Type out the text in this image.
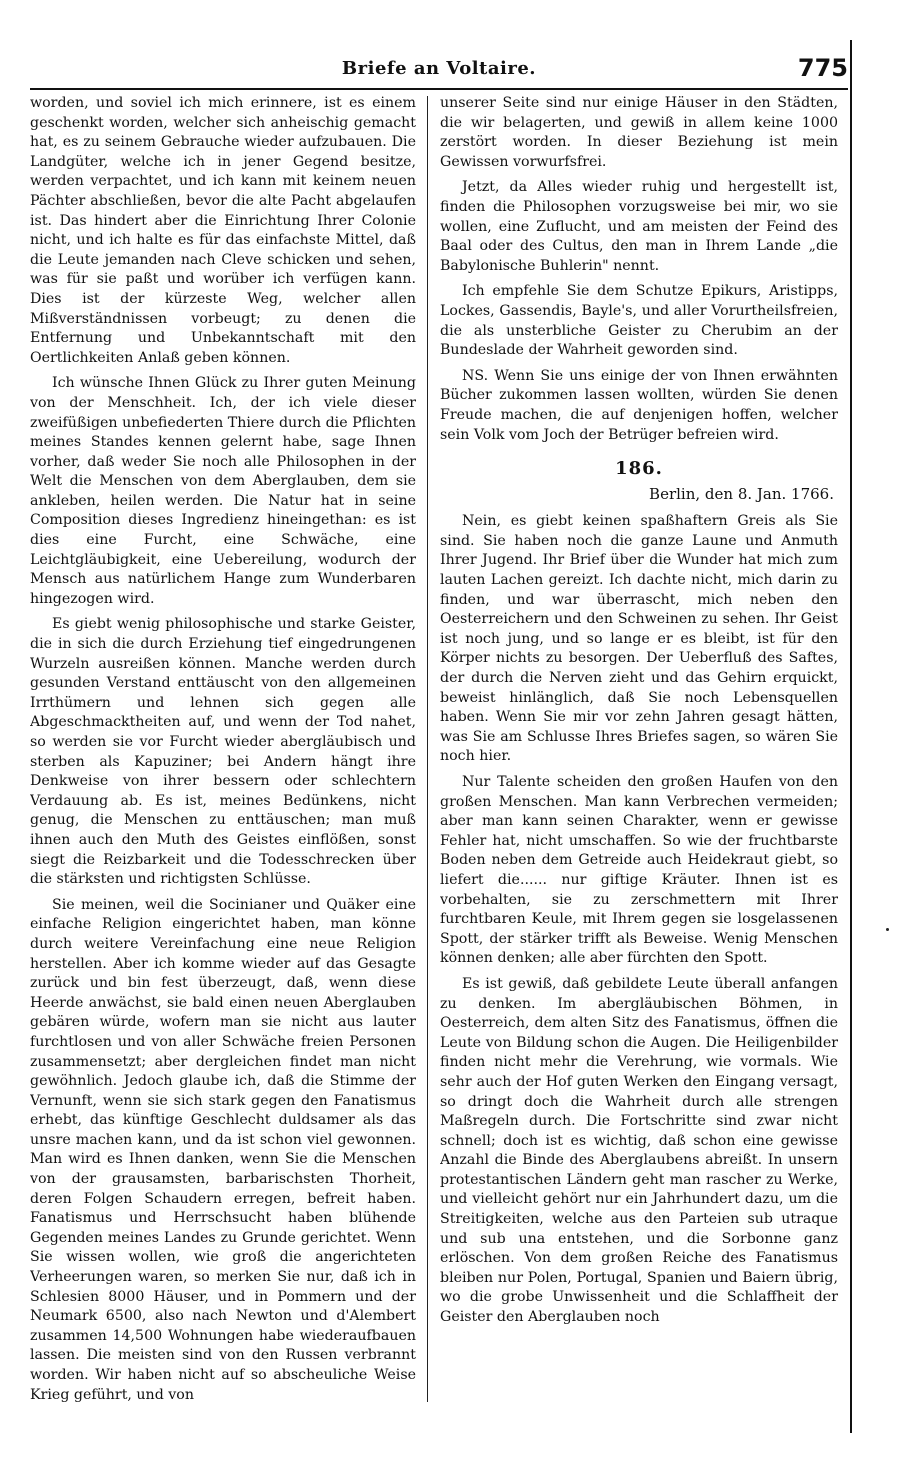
Briefe an Voltaire.	775

worden, und soviel ich mich erinnere, ist es einem geschenkt worden, welcher sich anheischig gemacht hat, es zu seinem Gebrauche wieder aufzubauen. Die Landgüter, welche ich in jener Gegend besitze, werden verpachtet, und ich kann mit keinem neuen Pächter abschließen, bevor die alte Pacht abgelaufen ist. Das hindert aber die Einrichtung Ihrer Colonie nicht, und ich halte es für das einfachste Mittel, daß die Leute jemanden nach Cleve schicken und sehen, was für sie paßt und worüber ich verfügen kann. Dies ist der kürzeste Weg, welcher allen Mißverständnissen vorbeugt; zu denen die Entfernung und Unbekanntschaft mit den Oertlichkeiten Anlaß geben können.

Ich wünsche Ihnen Glück zu Ihrer guten Meinung von der Menschheit. Ich, der ich viele dieser zweifüßigen unbefiederten Thiere durch die Pflichten meines Standes kennen gelernt habe, sage Ihnen vorher, daß weder Sie noch alle Philosophen in der Welt die Menschen von dem Aberglauben, dem sie ankleben, heilen werden. Die Natur hat in seine Composition dieses Ingredienz hineingethan: es ist dies eine Furcht, eine Schwäche, eine Leichtgläubigkeit, eine Uebereilung, wodurch der Mensch aus natürlichem Hange zum Wunderbaren hingezogen wird.

Es giebt wenig philosophische und starke Geister, die in sich die durch Erziehung tief eingedrungenen Wurzeln ausreißen können. Manche werden durch gesunden Verstand enttäuscht von den allgemeinen Irrthümern und lehnen sich gegen alle Abgeschmacktheiten auf, und wenn der Tod nahet, so werden sie vor Furcht wieder abergläubisch und sterben als Kapuziner; bei Andern hängt ihre Denkweise von ihrer bessern oder schlechtern Verdauung ab. Es ist, meines Bedünkens, nicht genug, die Menschen zu enttäuschen; man muß ihnen auch den Muth des Geistes einflößen, sonst siegt die Reizbarkeit und die Todesschrecken über die stärksten und richtigsten Schlüsse.

Sie meinen, weil die Socinianer und Quäker eine einfache Religion eingerichtet haben, man könne durch weitere Vereinfachung eine neue Religion herstellen. Aber ich komme wieder auf das Gesagte zurück und bin fest überzeugt, daß, wenn diese Heerde anwächst, sie bald einen neuen Aberglauben gebären würde, wofern man sie nicht aus lauter furchtlosen und von aller Schwäche freien Personen zusammensetzt; aber dergleichen findet man nicht gewöhnlich. Jedoch glaube ich, daß die Stimme der Vernunft, wenn sie sich stark gegen den Fanatismus erhebt, das künftige Geschlecht duldsamer als das unsre machen kann, und da ist schon viel gewonnen. Man wird es Ihnen danken, wenn Sie die Menschen von der grausamsten, barbarischsten Thorheit, deren Folgen Schaudern erregen, befreit haben. Fanatismus und Herrschsucht haben blühende Gegenden meines Landes zu Grunde gerichtet. Wenn Sie wissen wollen, wie groß die angerichteten Verheerungen waren, so merken Sie nur, daß ich in Schlesien 8000 Häuser, und in Pommern und der Neumark 6500, also nach Newton und d'Alembert zusammen 14,500 Wohnungen habe wiederaufbauen lassen. Die meisten sind von den Russen verbrannt worden. Wir haben nicht auf so abscheuliche Weise Krieg geführt, und von

unserer Seite sind nur einige Häuser in den Städten, die wir belagerten, und gewiß in allem keine 1000 zerstört worden. In dieser Beziehung ist mein Gewissen vorwurfsfrei.

Jetzt, da Alles wieder ruhig und hergestellt ist, finden die Philosophen vorzugsweise bei mir, wo sie wollen, eine Zuflucht, und am meisten der Feind des Baal oder des Cultus, den man in Ihrem Lande „die Babylonische Buhlerin" nennt.

Ich empfehle Sie dem Schutze Epikurs, Aristipps, Lockes, Gassendis, Bayle's, und aller Vorurtheilsfreien, die als unsterbliche Geister zu Cherubim an der Bundeslade der Wahrheit geworden sind.

NS. Wenn Sie uns einige der von Ihnen erwähnten Bücher zukommen lassen wollten, würden Sie denen Freude machen, die auf denjenigen hoffen, welcher sein Volk vom Joch der Betrüger befreien wird.

186.
Berlin, den 8. Jan. 1766.

Nein, es giebt keinen spaßhaftern Greis als Sie sind. Sie haben noch die ganze Laune und Anmuth Ihrer Jugend. Ihr Brief über die Wunder hat mich zum lauten Lachen gereizt. Ich dachte nicht, mich darin zu finden, und war überrascht, mich neben den Oesterreichern und den Schweinen zu sehen. Ihr Geist ist noch jung, und so lange er es bleibt, ist für den Körper nichts zu besorgen. Der Ueberfluß des Saftes, der durch die Nerven zieht und das Gehirn erquickt, beweist hinlänglich, daß Sie noch Lebensquellen haben. Wenn Sie mir vor zehn Jahren gesagt hätten, was Sie am Schlusse Ihres Briefes sagen, so wären Sie noch hier.

Nur Talente scheiden den großen Haufen von den großen Menschen. Man kann Verbrechen vermeiden; aber man kann seinen Charakter, wenn er gewisse Fehler hat, nicht umschaffen. So wie der fruchtbarste Boden neben dem Getreide auch Heidekraut giebt, so liefert die...... nur giftige Kräuter. Ihnen ist es vorbehalten, sie zu zerschmettern mit Ihrer furchtbaren Keule, mit Ihrem gegen sie losgelassenen Spott, der stärker trifft als Beweise. Wenig Menschen können denken; alle aber fürchten den Spott.

Es ist gewiß, daß gebildete Leute überall anfangen zu denken. Im abergläubischen Böhmen, in Oesterreich, dem alten Sitz des Fanatismus, öffnen die Leute von Bildung schon die Augen. Die Heiligenbilder finden nicht mehr die Verehrung, wie vormals. Wie sehr auch der Hof guten Werken den Eingang versagt, so dringt doch die Wahrheit durch alle strengen Maßregeln durch. Die Fortschritte sind zwar nicht schnell; doch ist es wichtig, daß schon eine gewisse Anzahl die Binde des Aberglaubens abreißt. In unsern protestantischen Ländern geht man rascher zu Werke, und vielleicht gehört nur ein Jahrhundert dazu, um die Streitigkeiten, welche aus den Parteien sub utraque und sub una entstehen, und die Sorbonne ganz erlöschen. Von dem großen Reiche des Fanatismus bleiben nur Polen, Portugal, Spanien und Baiern übrig, wo die grobe Unwissenheit und die Schlaffheit der Geister den Aberglauben noch
